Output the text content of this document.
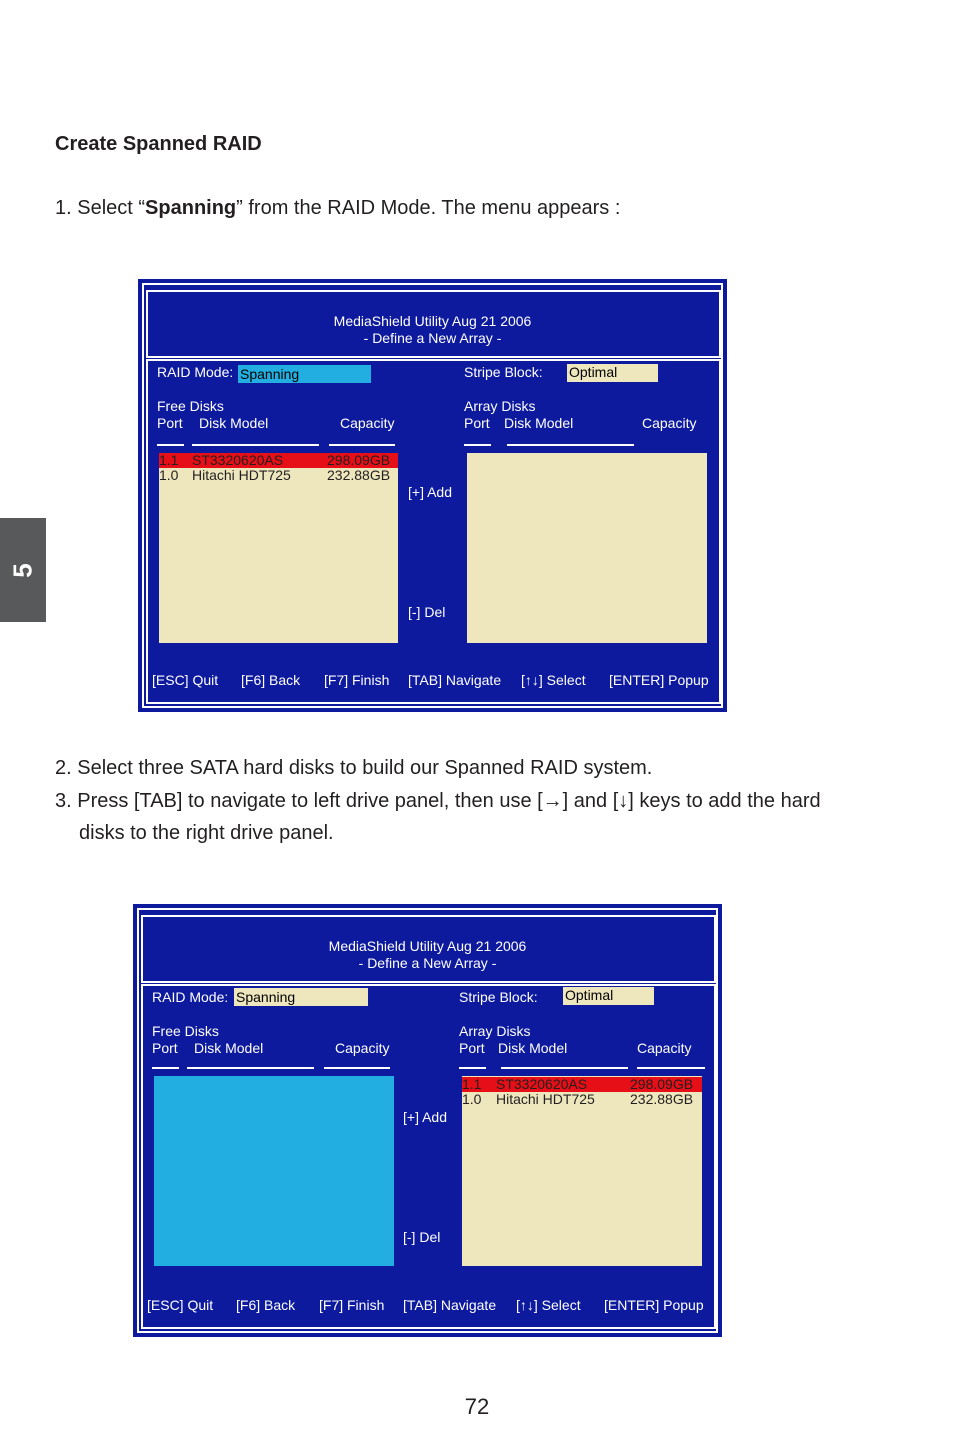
5
Create Spanned RAID
1. Select “Spanning” from the RAID Mode. The menu appears :
MediaShield Utility Aug 21 2006
- Define a New Array -
RAID Mode: Spanning	Stripe Block: Optimal
Free Disks
Port Disk Model	Capacity
Array Disks
Port Disk Model	Capacity
1.1 ST3320620AS	298.09GB
1.0 Hitachi HDT725	232.88GB
[+] Add
[-] Del
[ESC] Quit [F6] Back [F7] Finish [TAB] Navigate [↑↓] Select [ENTER] Popup
2. Select three SATA hard disks to build our Spanned RAID system.
3. Press [TAB] to navigate to left drive panel, then use [→] and [↓] keys to add the hard
disks to the right drive panel.
MediaShield Utility Aug 21 2006
- Define a New Array -
RAID Mode: Spanning	Stripe Block: Optimal
Free Disks
Port Disk Model	Capacity
Array Disks
Port Disk Model	Capacity
[+] Add
[-] Del
1.1 ST3320620AS	298.09GB
1.0 Hitachi HDT725	232.88GB
[ESC] Quit [F6] Back [F7] Finish [TAB] Navigate [↑↓] Select [ENTER] Popup
72
